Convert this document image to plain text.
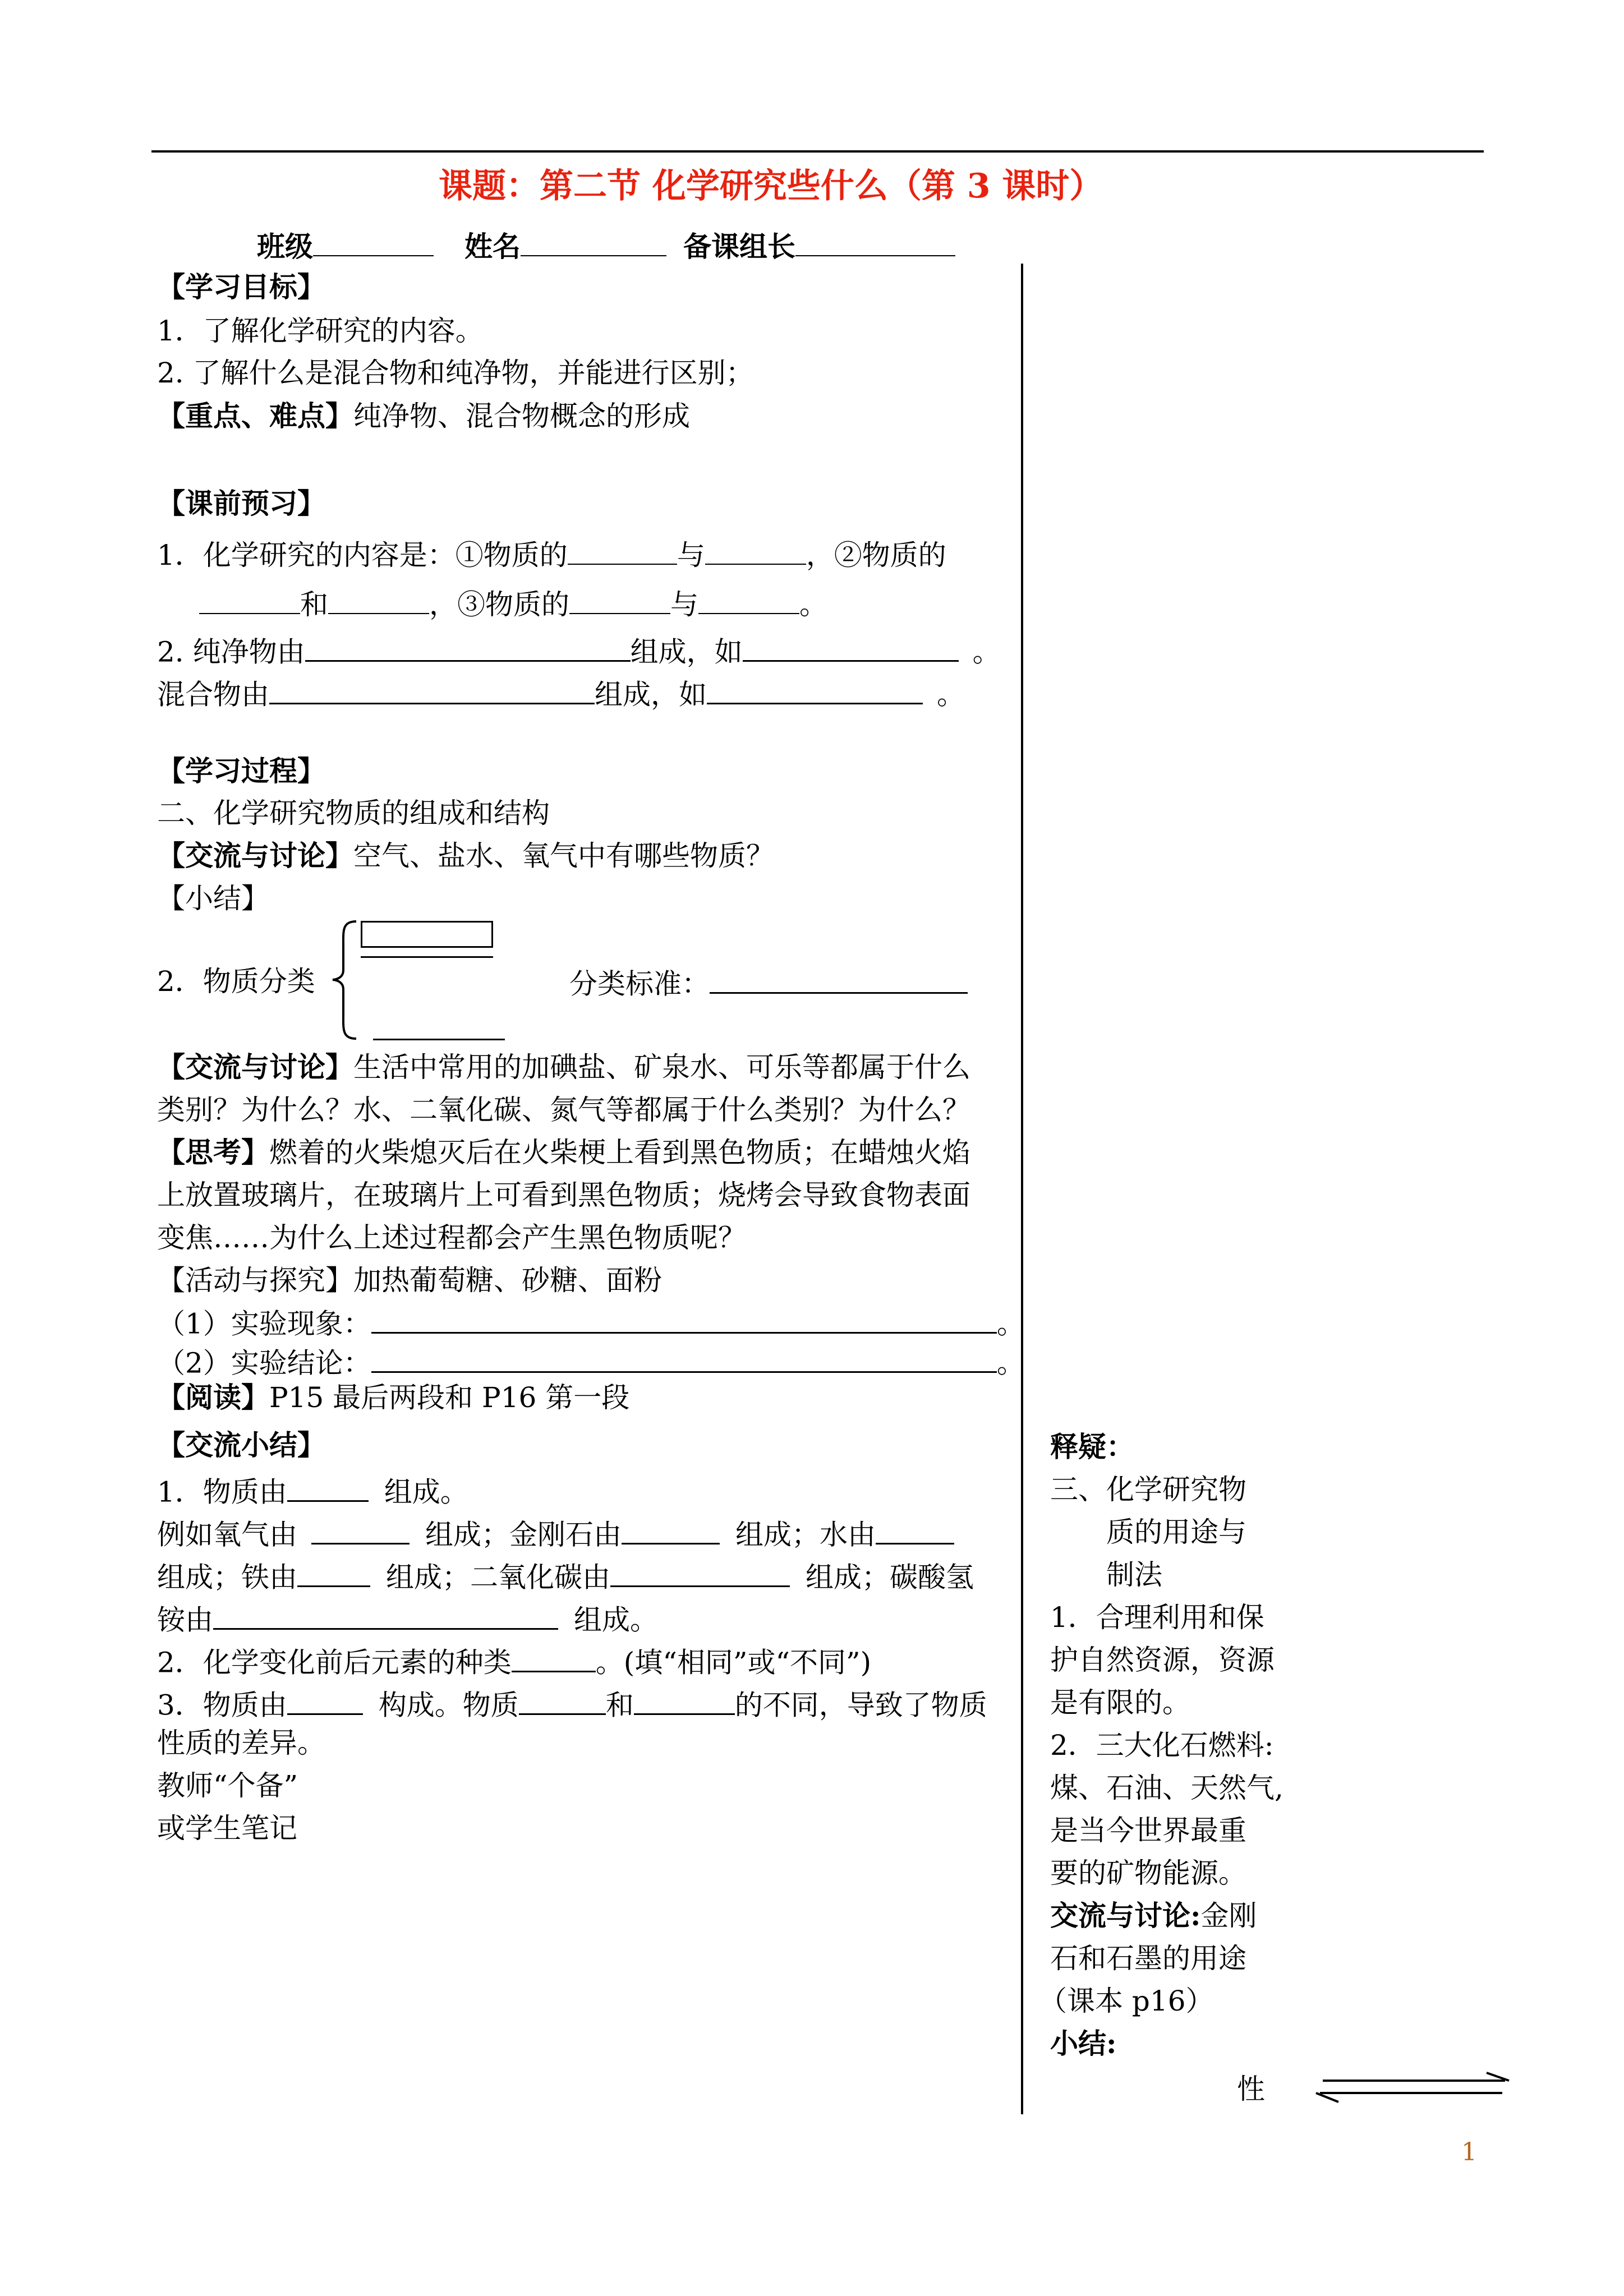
课题：第二节 化学研究些什么（第 3 课时）
班级	姓名	备课组长
【学习目标】
1．了解化学研究的内容。
2. 了解什么是混合物和纯净物，并能进行区别；
【重点、难点】纯净物、混合物概念的形成
【课前预习】
1．化学研究的内容是：①物质的	与	，②物质的
和	，③物质的	与	。
2. 纯净物由	组成，如	。
混合物由	组成，如	。
【学习过程】
二、化学研究物质的组成和结构
【交流与讨论】空气、盐水、氧气中有哪些物质？
【小结】
2．物质分类	分类标准：
【交流与讨论】生活中常用的加碘盐、矿泉水、可乐等都属于什么
类别？为什么？水、二氧化碳、氮气等都属于什么类别？为什么？
【思考】燃着的火柴熄灭后在火柴梗上看到黑色物质；在蜡烛火焰
上放置玻璃片，在玻璃片上可看到黑色物质；烧烤会导致食物表面
变焦……为什么上述过程都会产生黑色物质呢？
【活动与探究】加热葡萄糖、砂糖、面粉
（1）实验现象：	。
（2）实验结论：	。
【阅读】P15 最后两段和 P16 第一段
【交流小结】
1．物质由	组成。
例如氧气由	组成；金刚石由	组成；水由
组成；铁由	组成；二氧化碳由	组成；碳酸氢
铵由	组成。
2．化学变化前后元素的种类	。(填“相同”或“不同”)
3．物质由	构成。物质	和	的不同，导致了物质
性质的差异。
教师“个备”
或学生笔记
释疑：
三、化学研究物
质的用途与
制法
1．合理利用和保
护自然资源，资源
是有限的。
2．三大化石燃料:
煤、石油、天然气,
是当今世界最重
要的矿物能源。
交流与讨论:金刚
石和石墨的用途
（课本 p16）
小结:
性
1
